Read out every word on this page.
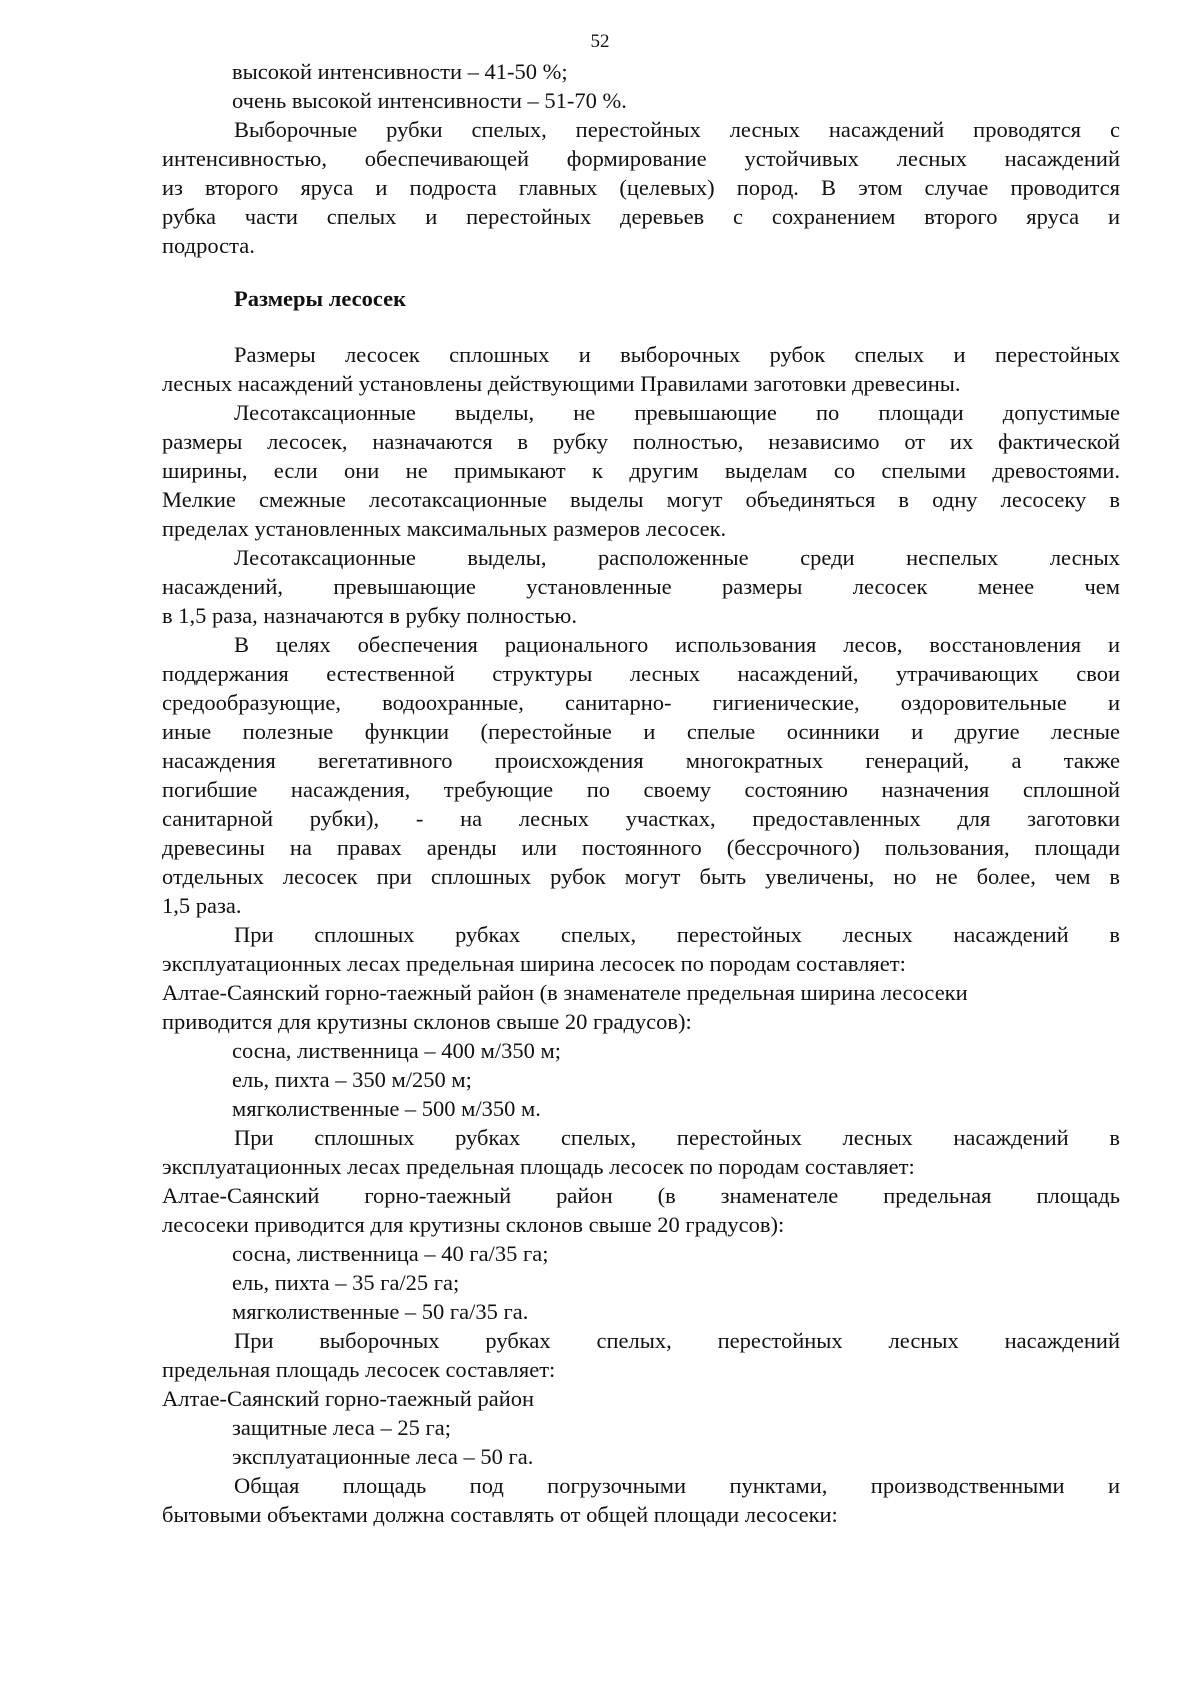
52
высокой интенсивности – 41-50 %;
очень высокой интенсивности – 51-70 %.
Выборочные рубки спелых, перестойных лесных насаждений проводятся с
интенсивностью, обеспечивающей формирование устойчивых лесных насаждений
из второго яруса и подроста главных (целевых) пород. В этом случае проводится
рубка части спелых и перестойных деревьев с сохранением второго яруса и
подроста.
Размеры лесосек
Размеры лесосек сплошных и выборочных рубок спелых и перестойных
лесных насаждений установлены действующими Правилами заготовки древесины.
Лесотаксационные выделы, не превышающие по площади допустимые
размеры лесосек, назначаются в рубку полностью, независимо от их фактической
ширины, если они не примыкают к другим выделам со спелыми древостоями.
Мелкие смежные лесотаксационные выделы могут объединяться в одну лесосеку в
пределах установленных максимальных размеров лесосек.
Лесотаксационные выделы, расположенные среди неспелых лесных
насаждений, превышающие установленные размеры лесосек менее чем
в 1,5 раза, назначаются в рубку полностью.
В целях обеспечения рационального использования лесов, восстановления и
поддержания естественной структуры лесных насаждений, утрачивающих свои
средообразующие, водоохранные, санитарно- гигиенические, оздоровительные и
иные полезные функции (перестойные и спелые осинники и другие лесные
насаждения вегетативного происхождения многократных генераций, а также
погибшие насаждения, требующие по своему состоянию назначения сплошной
санитарной рубки), - на лесных участках, предоставленных для заготовки
древесины на правах аренды или постоянного (бессрочного) пользования, площади
отдельных лесосек при сплошных рубок могут быть увеличены, но не более, чем в
1,5 раза.
При сплошных рубках спелых, перестойных лесных насаждений в
эксплуатационных лесах предельная ширина лесосек по породам составляет:
Алтае-Саянский горно-таежный район (в знаменателе предельная ширина лесосеки
приводится для крутизны склонов свыше 20 градусов):
сосна, лиственница – 400 м/350 м;
ель, пихта – 350 м/250 м;
мягколиственные – 500 м/350 м.
При сплошных рубках спелых, перестойных лесных насаждений в
эксплуатационных лесах предельная площадь лесосек по породам составляет:
Алтае-Саянский горно-таежный район (в знаменателе предельная площадь
лесосеки приводится для крутизны склонов свыше 20 градусов):
сосна, лиственница – 40 га/35 га;
ель, пихта – 35 га/25 га;
мягколиственные – 50 га/35 га.
При выборочных рубках спелых, перестойных лесных насаждений
предельная площадь лесосек составляет:
Алтае-Саянский горно-таежный район
защитные леса – 25 га;
эксплуатационные леса – 50 га.
Общая площадь под погрузочными пунктами, производственными и
бытовыми объектами должна составлять от общей площади лесосеки:
